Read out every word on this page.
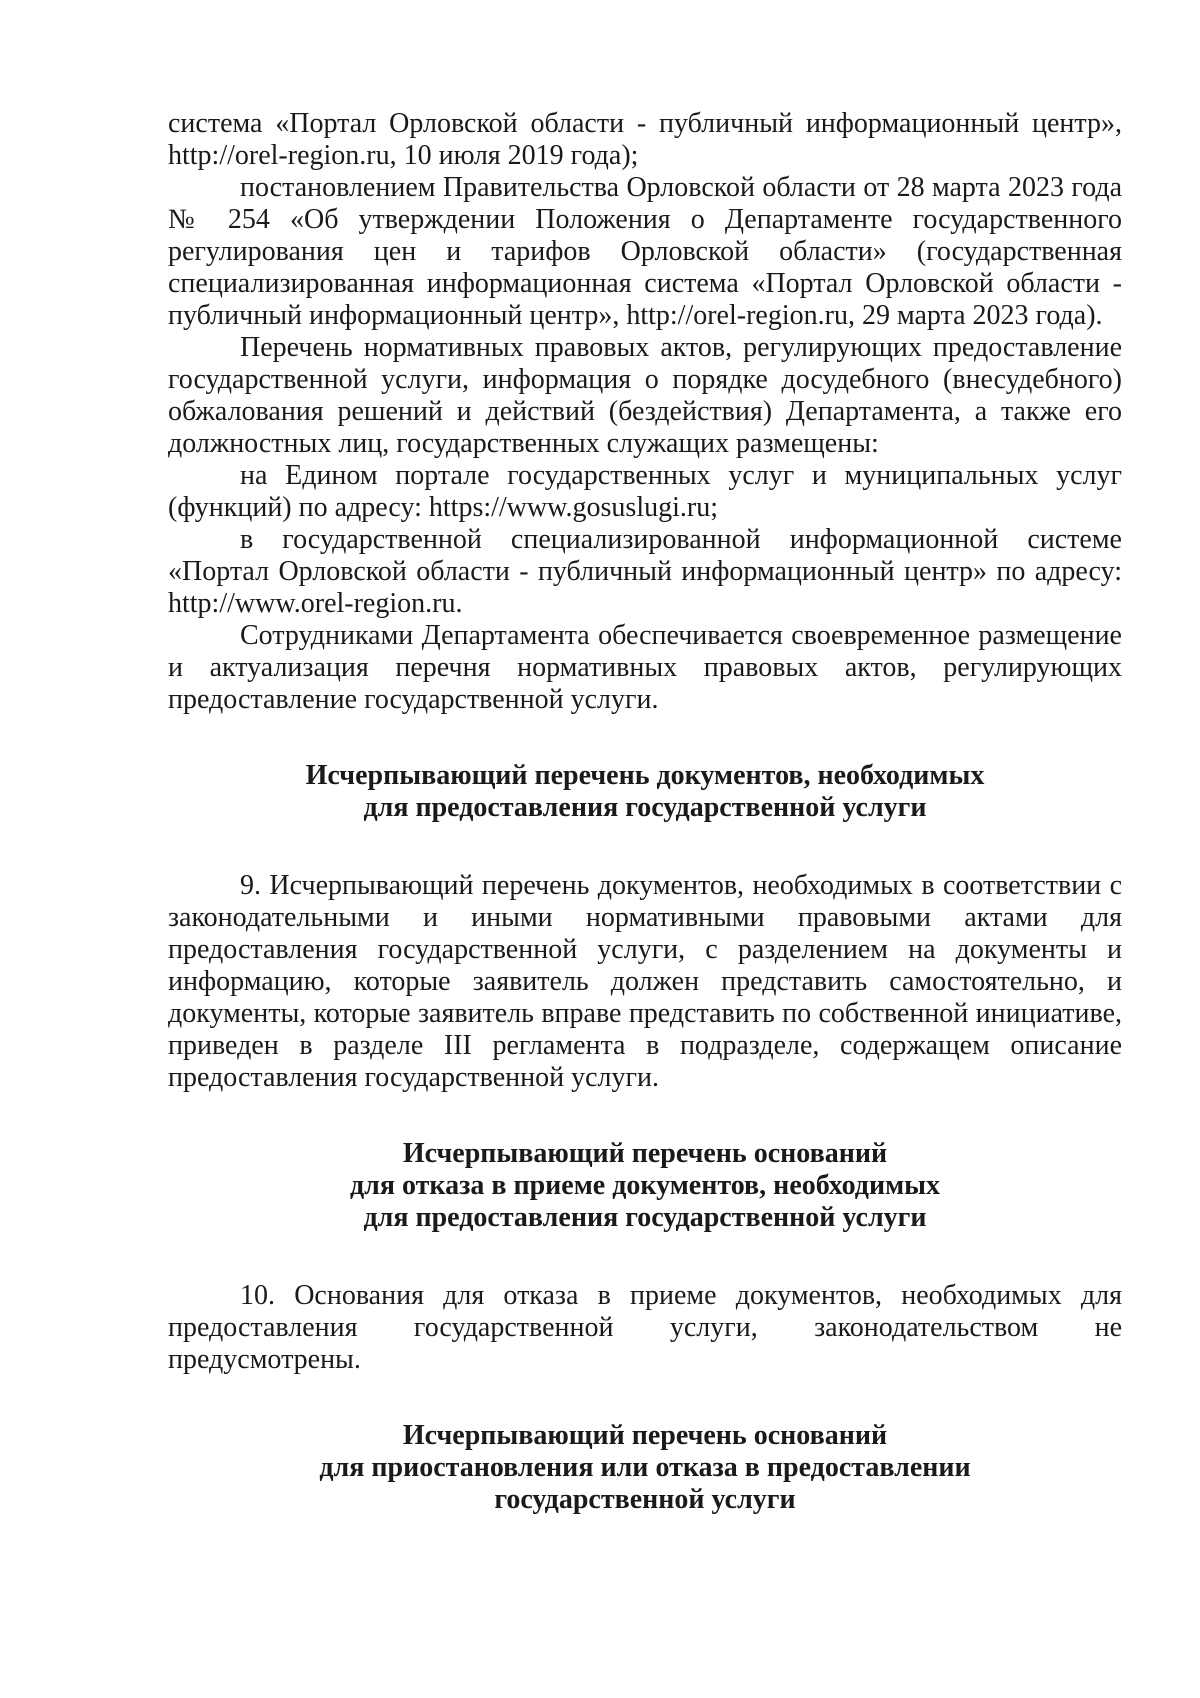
система «Портал Орловской области - публичный информационный центр», http://orel-region.ru, 10 июля 2019 года);

постановлением Правительства Орловской области от 28 марта 2023 года № 254 «Об утверждении Положения о Департаменте государственного регулирования цен и тарифов Орловской области» (государственная специализированная информационная система «Портал Орловской области - публичный информационный центр», http://orel-region.ru, 29 марта 2023 года).

Перечень нормативных правовых актов, регулирующих предоставление государственной услуги, информация о порядке досудебного (внесудебного) обжалования решений и действий (бездействия) Департамента, а также его должностных лиц, государственных служащих размещены:

на Едином портале государственных услуг и муниципальных услуг (функций) по адресу: https://www.gosuslugi.ru;

в государственной специализированной информационной системе «Портал Орловской области - публичный информационный центр» по адресу: http://www.orel-region.ru.

Сотрудниками Департамента обеспечивается своевременное размещение и актуализация перечня нормативных правовых актов, регулирующих предоставление государственной услуги.

Исчерпывающий перечень документов, необходимых
для предоставления государственной услуги

9. Исчерпывающий перечень документов, необходимых в соответствии с законодательными и иными нормативными правовыми актами для предоставления государственной услуги, с разделением на документы и информацию, которые заявитель должен представить самостоятельно, и документы, которые заявитель вправе представить по собственной инициативе, приведен в разделе III регламента в подразделе, содержащем описание предоставления государственной услуги.

Исчерпывающий перечень оснований
для отказа в приеме документов, необходимых
для предоставления государственной услуги

10. Основания для отказа в приеме документов, необходимых для предоставления государственной услуги, законодательством не предусмотрены.

Исчерпывающий перечень оснований
для приостановления или отказа в предоставлении
государственной услуги
